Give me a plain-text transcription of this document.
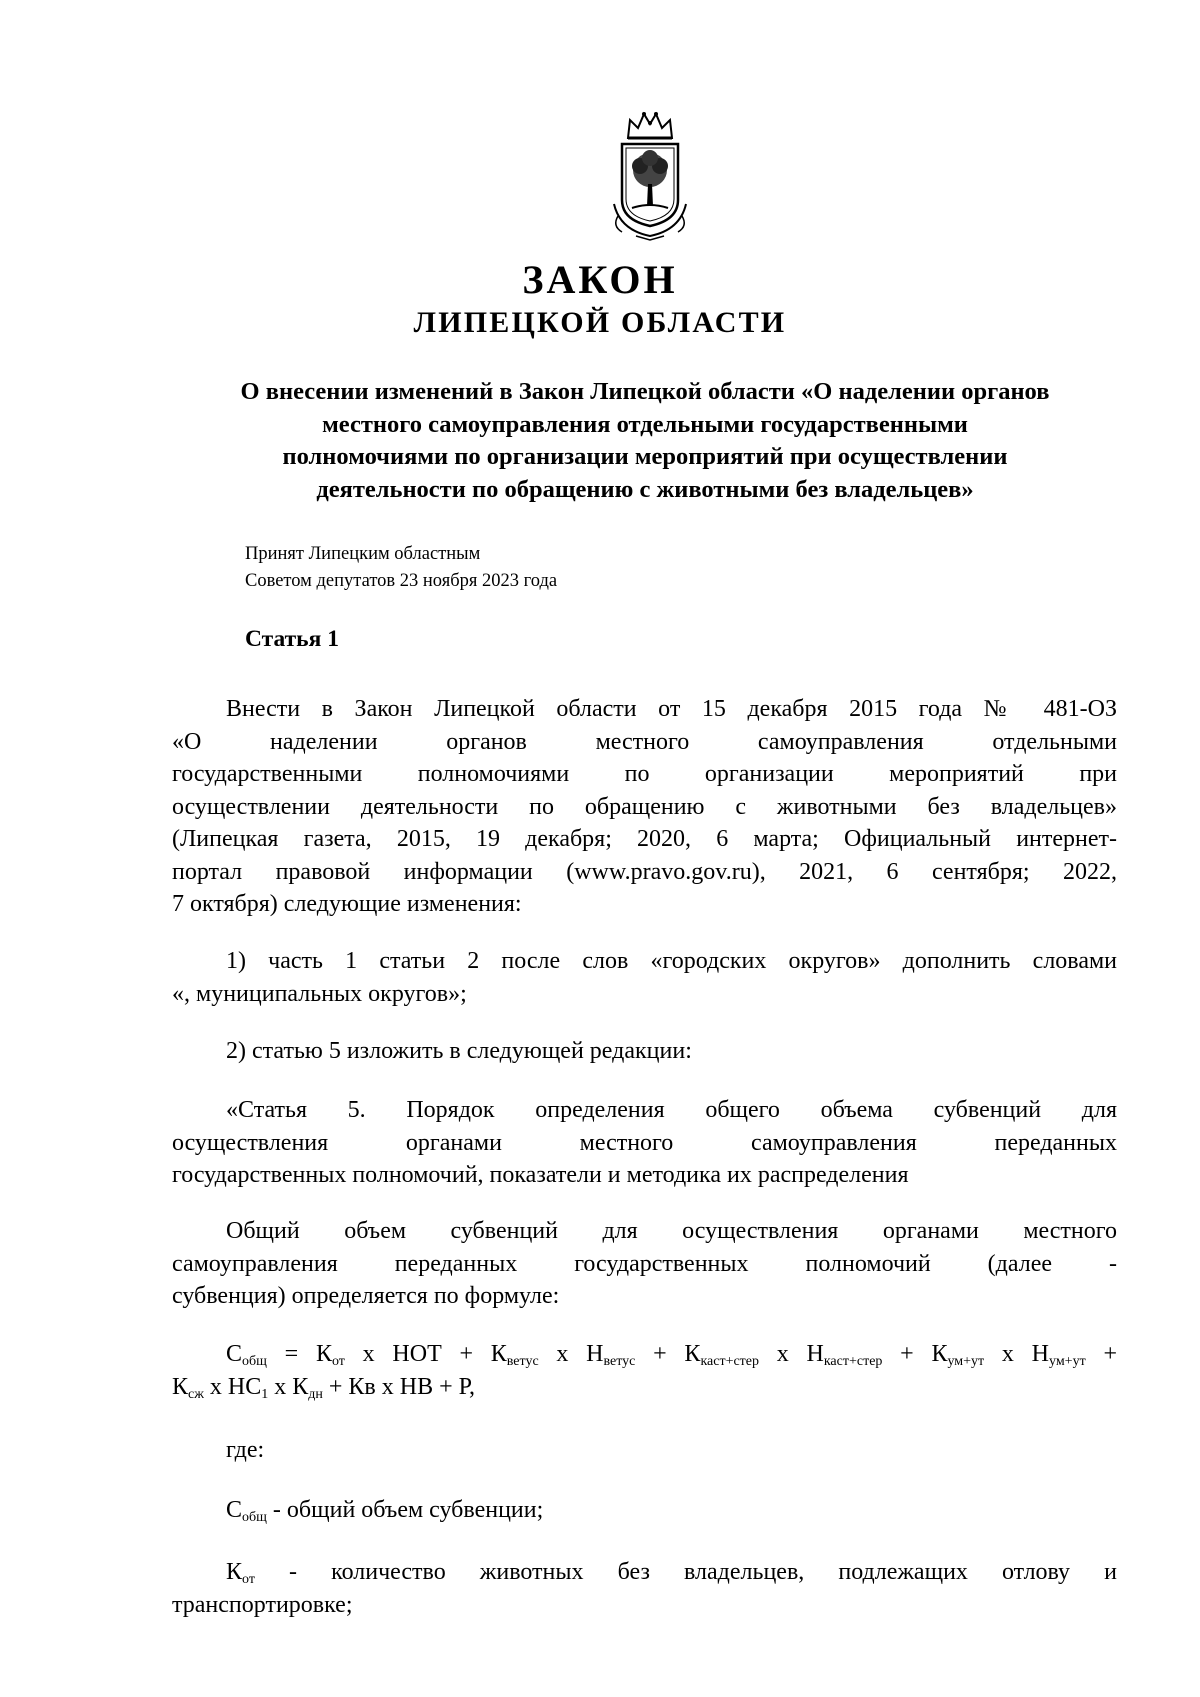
ЗАКОН
ЛИПЕЦКОЙ ОБЛАСТИ
О внесении изменений в Закон Липецкой области «О наделении органов
местного самоуправления отдельными государственными
полномочиями по организации мероприятий при осуществлении
деятельности по обращению с животными без владельцев»
Принят Липецким областным
Советом депутатов 23 ноября 2023 года
Статья 1
Внести в Закон Липецкой области от 15 декабря 2015 года № 481-ОЗ
«О наделении органов местного самоуправления отдельными
государственными полномочиями по организации мероприятий при
осуществлении деятельности по обращению с животными без владельцев»
(Липецкая газета, 2015, 19 декабря; 2020, 6 марта; Официальный интернет-
портал правовой информации (www.pravo.gov.ru), 2021, 6 сентября; 2022,
7 октября) следующие изменения:
1) часть 1 статьи 2 после слов «городских округов» дополнить словами
«, муниципальных округов»;
2) статью 5 изложить в следующей редакции:
«Статья 5. Порядок определения общего объема субвенций для
осуществления органами местного самоуправления переданных
государственных полномочий, показатели и методика их распределения
Общий объем субвенций для осуществления органами местного
самоуправления переданных государственных полномочий (далее -
субвенция) определяется по формуле:
$С_{общ} = К_{от}$ х НОТ + $К_{ветус}$ х $Н_{ветус} + К_{каст+стер}$ х $Н_{каст+стер} + К_{ум+ут}$ х $Н_{ум+ут}$ +
$К_{сж}$ х $НС_1$ х $К_{дн}$ + Кв х НВ + Р,
где:
$С_{общ}$ - общий объем субвенции;
$К_{от}$ - количество животных без владельцев, подлежащих отлову и
транспортировке;
